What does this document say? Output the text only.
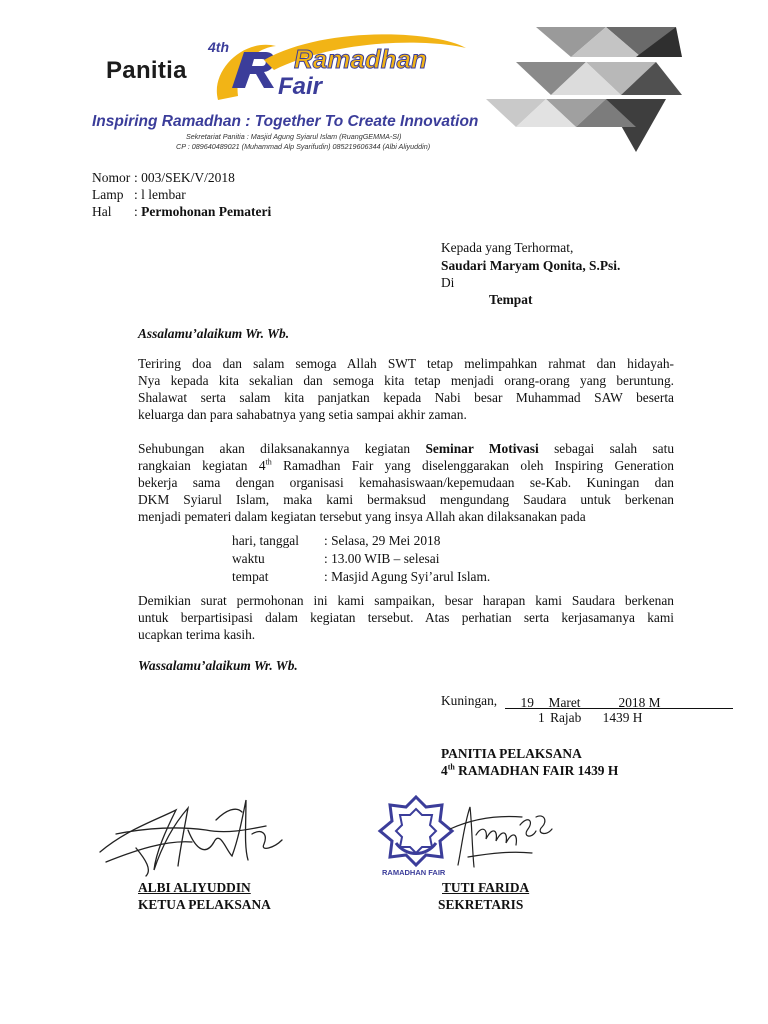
Panitia
4th	Ramadhan
Fair
Inspiring Ramadhan : Together To Create Innovation
Sekretariat Panitia : Masjid Agung Syiarul Islam (RuangGEMMA-SI)
CP : 089640489021 (Muhammad Alp Syarifudin) 085219606344 (Albi Aliyuddin)
Nomor : 003/SEK/V/2018
Lamp : l lembar
Hal : Permohonan Pemateri
Kepada yang Terhormat,
Saudari Maryam Qonita, S.Psi.
Di
Tempat
Assalamu’alaikum Wr. Wb.
Teriring doa dan salam semoga Allah SWT tetap melimpahkan rahmat dan hidayah-
Nya kepada kita sekalian dan semoga kita tetap menjadi orang-orang yang beruntung.
Shalawat serta salam kita panjatkan kepada Nabi besar Muhammad SAW beserta
keluarga dan para sahabatnya yang setia sampai akhir zaman.
Sehubungan akan dilaksanakannya kegiatan Seminar Motivasi sebagai salah satu
rangkaian kegiatan 4th Ramadhan Fair yang diselenggarakan oleh Inspiring Generation
bekerja sama dengan organisasi kemahasiswaan/kepemudaan se-Kab. Kuningan dan
DKM Syiarul Islam, maka kami bermaksud mengundang Saudara untuk berkenan
menjadi pemateri dalam kegiatan tersebut yang insya Allah akan dilaksanakan pada
hari, tanggal : Selasa, 29 Mei 2018
waktu	: 13.00 WIB – selesai
tempat	: Masjid Agung Syi’arul Islam.
Demikian surat permohonan ini kami sampaikan, besar harapan kami Saudara berkenan
untuk berpartisipasi dalam kegiatan tersebut. Atas perhatian serta kerjasamanya kami
ucapkan terima kasih.
Wassalamu’alaikum Wr. Wb.
Kuningan, 19 Maret	2018 M
1 Rajab 1439 H
PANITIA PELAKSANA
4th RAMADHAN FAIR 1439 H
RAMADHAN FAIR
ALBI ALIYUDDIN
KETUA PELAKSANA
TUTI FARIDA
SEKRETARIS
